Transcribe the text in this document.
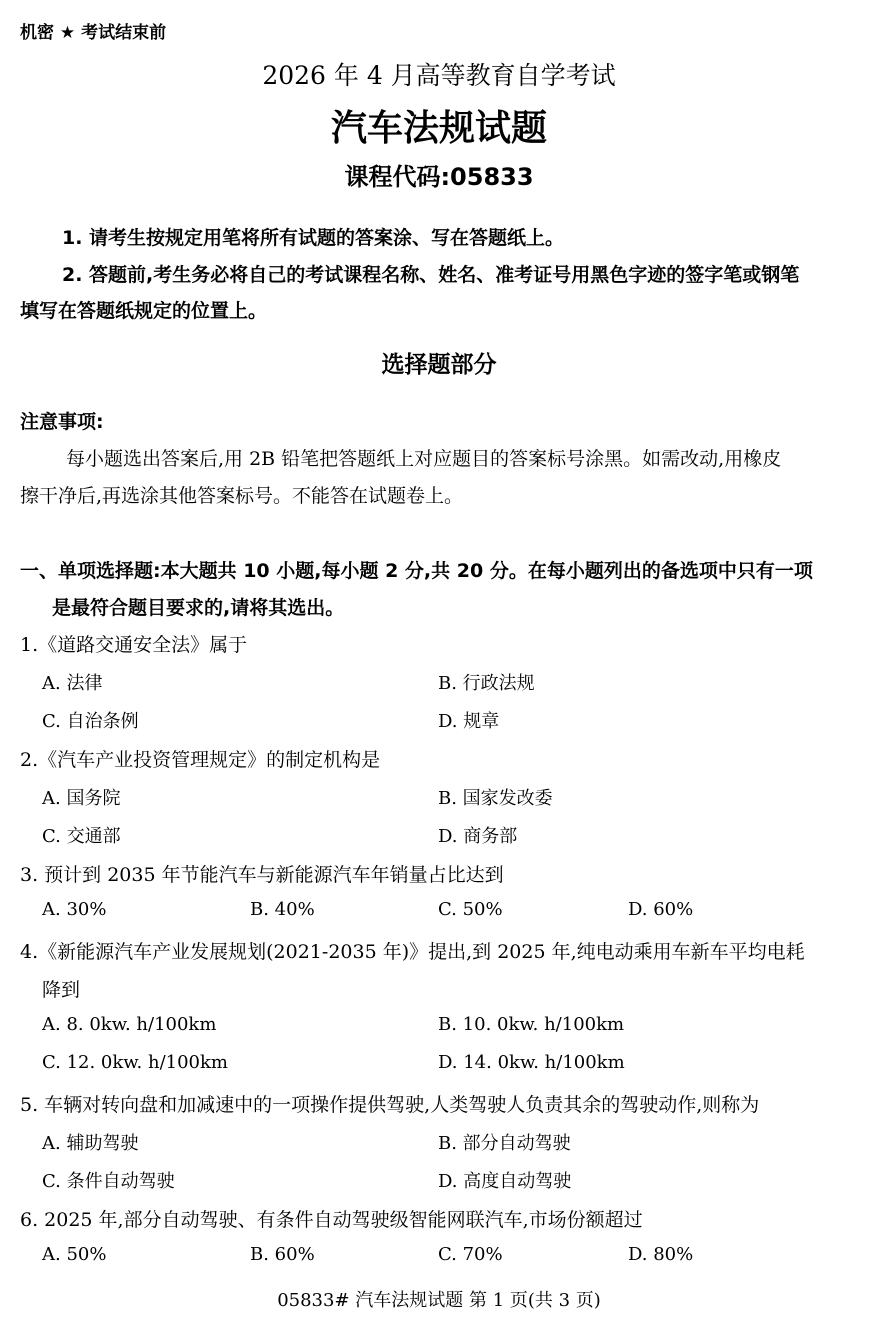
机密 ★ 考试结束前
2026 年 4 月高等教育自学考试
汽车法规试题
课程代码:05833
1. 请考生按规定用笔将所有试题的答案涂、写在答题纸上。
2. 答题前,考生务必将自己的考试课程名称、姓名、准考证号用黑色字迹的签字笔或钢笔
填写在答题纸规定的位置上。
选择题部分
注意事项:
每小题选出答案后,用 2B 铅笔把答题纸上对应题目的答案标号涂黑。如需改动,用橡皮
擦干净后,再选涂其他答案标号。不能答在试题卷上。
一、单项选择题:本大题共 10 小题,每小题 2 分,共 20 分。在每小题列出的备选项中只有一项
是最符合题目要求的,请将其选出。
1.《道路交通安全法》属于
A. 法律	B. 行政法规
C. 自治条例	D. 规章
2.《汽车产业投资管理规定》的制定机构是
A. 国务院	B. 国家发改委
C. 交通部	D. 商务部
3. 预计到 2035 年节能汽车与新能源汽车年销量占比达到
A. 30%	B. 40%	C. 50%	D. 60%
4.《新能源汽车产业发展规划(2021-2035 年)》提出,到 2025 年,纯电动乘用车新车平均电耗
降到
A. 8. 0kw. h/100km	B. 10. 0kw. h/100km
C. 12. 0kw. h/100km	D. 14. 0kw. h/100km
5. 车辆对转向盘和加减速中的一项操作提供驾驶,人类驾驶人负责其余的驾驶动作,则称为
A. 辅助驾驶	B. 部分自动驾驶
C. 条件自动驾驶	D. 高度自动驾驶
6. 2025 年,部分自动驾驶、有条件自动驾驶级智能网联汽车,市场份额超过
A. 50%	B. 60%	C. 70%	D. 80%
05833# 汽车法规试题 第 1 页(共 3 页)
